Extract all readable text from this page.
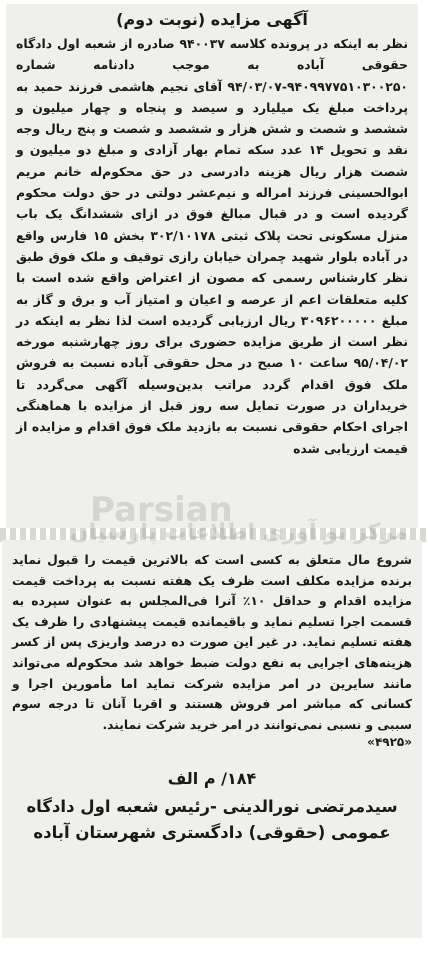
آگهی مزایده (نوبت دوم)

نظر به اینکه در پرونده کلاسه ۹۴۰۰۳۷ صادره از شعبه اول دادگاه حقوقی آباده به موجب دادنامه شماره ۹۴۰۹۹۷۷۵۱۰۳۰۰۲۵۰-۹۴/۰۳/۰۷ آقای نجیم هاشمی فرزند حمید به پرداخت مبلغ یک میلیارد و سیصد و پنجاه و چهار میلیون و ششصد و شصت و شش هزار و ششصد و شصت و پنج ریال وجه نقد و تحویل ۱۴ عدد سکه تمام بهار آزادی و مبلغ دو میلیون و شصت هزار ریال هزینه دادرسی در حق محکوم‌له خانم مریم ابوالحسینی فرزند امراله و نیم‌عشر دولتی در حق دولت محکوم گردیده است و در قبال مبالغ فوق در ازای ششدانگ یک باب منزل مسکونی تحت پلاک ثبتی ۳۰۲/۱۰۱۷۸ بخش ۱۵ فارس واقع در آباده بلوار شهید چمران خیابان رازی توقیف و ملک فوق طبق نظر کارشناس رسمی که مصون از اعتراض واقع شده است با کلیه متعلقات اعم از عرصه و اعیان و امتیاز آب و برق و گاز به مبلغ ۳۰۹۶۲۰۰۰۰۰ ریال ارزیابی گردیده است لذا نظر به اینکه در نظر است از طریق مزایده حضوری برای روز چهارشنبه مورخه ۹۵/۰۴/۰۲ ساعت ۱۰ صبح در محل حقوقی آباده نسبت به فروش ملک فوق اقدام گردد مراتب بدین‌وسیله آگهی می‌گردد تا خریداران در صورت تمایل سه روز قبل از مزایده با هماهنگی اجرای احکام حقوقی نسبت به بازدید ملک فوق اقدام و مزایده از قیمت ارزیابی شده

شروع مال متعلق به کسی است که بالاترین قیمت را قبول نماید برنده مزایده مکلف است ظرف یک هفته نسبت به پرداخت قیمت مزایده اقدام و حداقل ۱۰٪ آنرا فی‌المجلس به عنوان سپرده به قسمت اجرا تسلیم نماید و باقیمانده قیمت پیشنهادی را ظرف یک هفته تسلیم نماید. در غیر این صورت ده درصد واریزی پس از کسر هزینه‌های اجرایی به نفع دولت ضبط خواهد شد محکوم‌له می‌تواند مانند سایرین در امر مزایده شرکت نماید اما مأمورین اجرا و کسانی که مباشر امر فروش هستند و اقربا آنان تا درجه سوم سببی و نسبی نمی‌توانند در امر خرید شرکت نمایند.

«۴۹۲۵»
۱۸۴/ م الف
سیدمرتضی نورالدینی -رئیس شعبه اول دادگاه
عمومی (حقوقی) دادگستری شهرستان آباده
Parsian
مرکز نو آوری اطلاعات پارسیان
